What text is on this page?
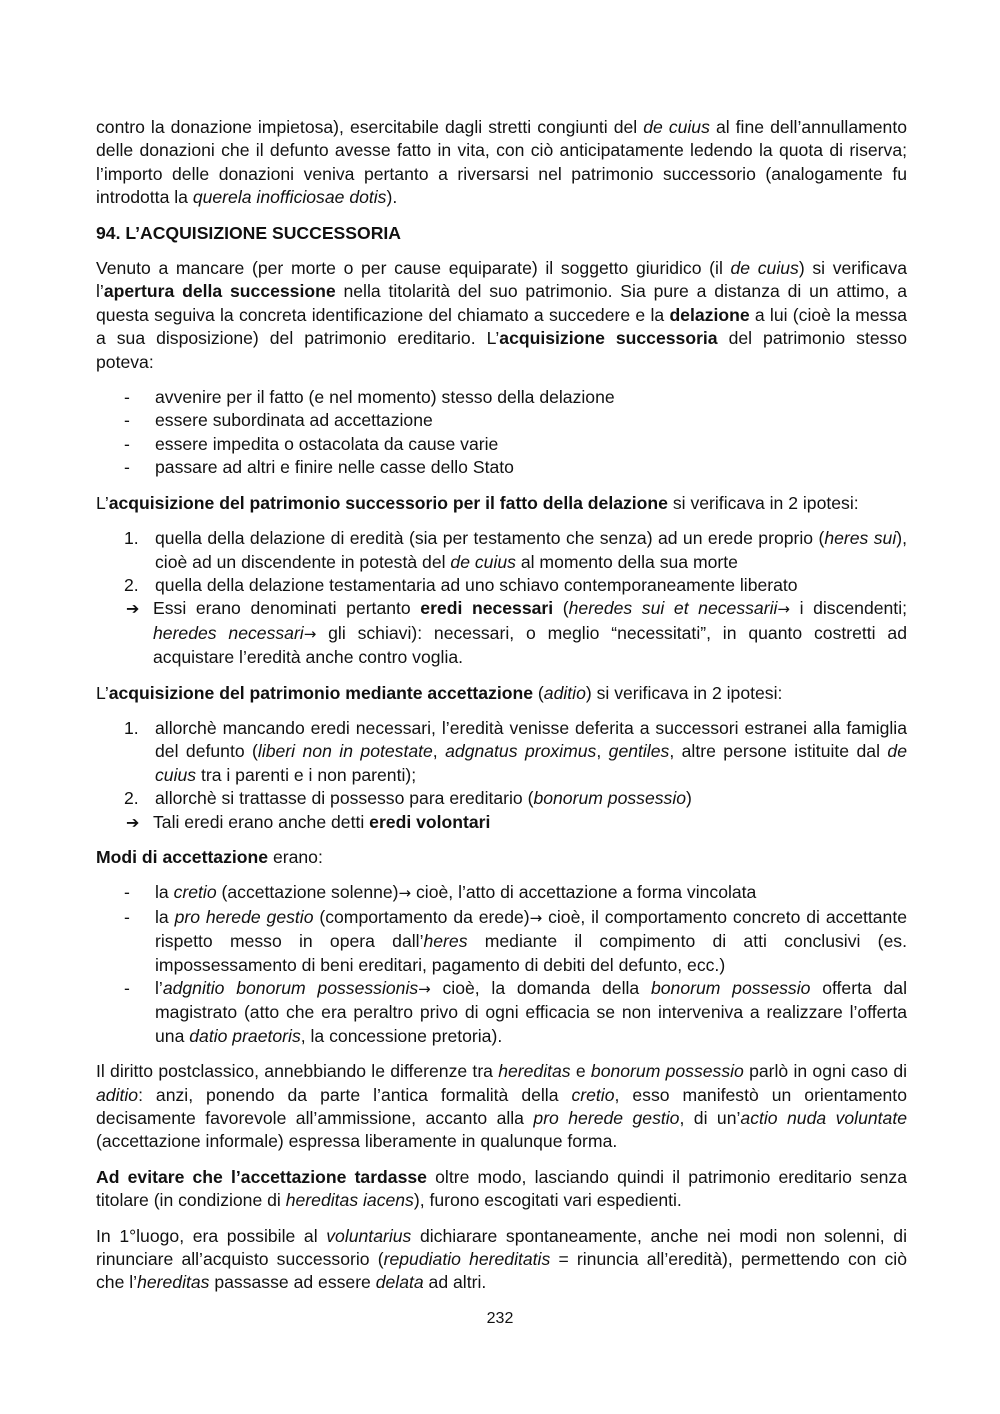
contro la donazione impietosa), esercitabile dagli stretti congiunti del de cuius al fine dell’annullamento delle donazioni che il defunto avesse fatto in vita, con ciò anticipatamente ledendo la quota di riserva; l’importo delle donazioni veniva pertanto a riversarsi nel patrimonio successorio (analogamente fu introdotta la querela inofficiosae dotis).

94. L’ACQUISIZIONE SUCCESSORIA

Venuto a mancare (per morte o per cause equiparate) il soggetto giuridico (il de cuius) si verificava l’apertura della successione nella titolarità del suo patrimonio. Sia pure a distanza di un attimo, a questa seguiva la concreta identificazione del chiamato a succedere e la delazione a lui (cioè la messa a sua disposizione) del patrimonio ereditario. L’acquisizione successoria del patrimonio stesso poteva:

- avvenire per il fatto (e nel momento) stesso della delazione
- essere subordinata ad accettazione
- essere impedita o ostacolata da cause varie
- passare ad altri e finire nelle casse dello Stato

L’acquisizione del patrimonio successorio per il fatto della delazione si verificava in 2 ipotesi:

1. quella della delazione di eredità (sia per testamento che senza) ad un erede proprio (heres sui), cioè ad un discendente in potestà del de cuius al momento della sua morte
2. quella della delazione testamentaria ad uno schiavo contemporaneamente liberato
➔ Essi erano denominati pertanto eredi necessari (heredes sui et necessarii→ i discendenti; heredes necessari→ gli schiavi): necessari, o meglio “necessitati”, in quanto costretti ad acquistare l’eredità anche contro voglia.

L’acquisizione del patrimonio mediante accettazione (aditio) si verificava in 2 ipotesi:

1. allorchè mancando eredi necessari, l’eredità venisse deferita a successori estranei alla famiglia del defunto (liberi non in potestate, adgnatus proximus, gentiles, altre persone istituite dal de cuius tra i parenti e i non parenti);
2. allorchè si trattasse di possesso para ereditario (bonorum possessio)
➔ Tali eredi erano anche detti eredi volontari

Modi di accettazione erano:

- la cretio (accettazione solenne)→ cioè, l’atto di accettazione a forma vincolata
- la pro herede gestio (comportamento da erede)→ cioè, il comportamento concreto di accettante rispetto messo in opera dall’heres mediante il compimento di atti conclusivi (es. impossessamento di beni ereditari, pagamento di debiti del defunto, ecc.)
- l’adgnitio bonorum possessionis→ cioè, la domanda della bonorum possessio offerta dal magistrato (atto che era peraltro privo di ogni efficacia se non interveniva a realizzare l’offerta una datio praetoris, la concessione pretoria).

Il diritto postclassico, annebbiando le differenze tra hereditas e bonorum possessio parlò in ogni caso di aditio: anzi, ponendo da parte l’antica formalità della cretio, esso manifestò un orientamento decisamente favorevole all’ammissione, accanto alla pro herede gestio, di un’actio nuda voluntate (accettazione informale) espressa liberamente in qualunque forma.

Ad evitare che l’accettazione tardasse oltre modo, lasciando quindi il patrimonio ereditario senza titolare (in condizione di hereditas iacens), furono escogitati vari espedienti.

In 1°luogo, era possibile al voluntarius dichiarare spontaneamente, anche nei modi non solenni, di rinunciare all’acquisto successorio (repudiatio hereditatis = rinuncia all’eredità), permettendo con ciò che l’hereditas passasse ad essere delata ad altri.

232
